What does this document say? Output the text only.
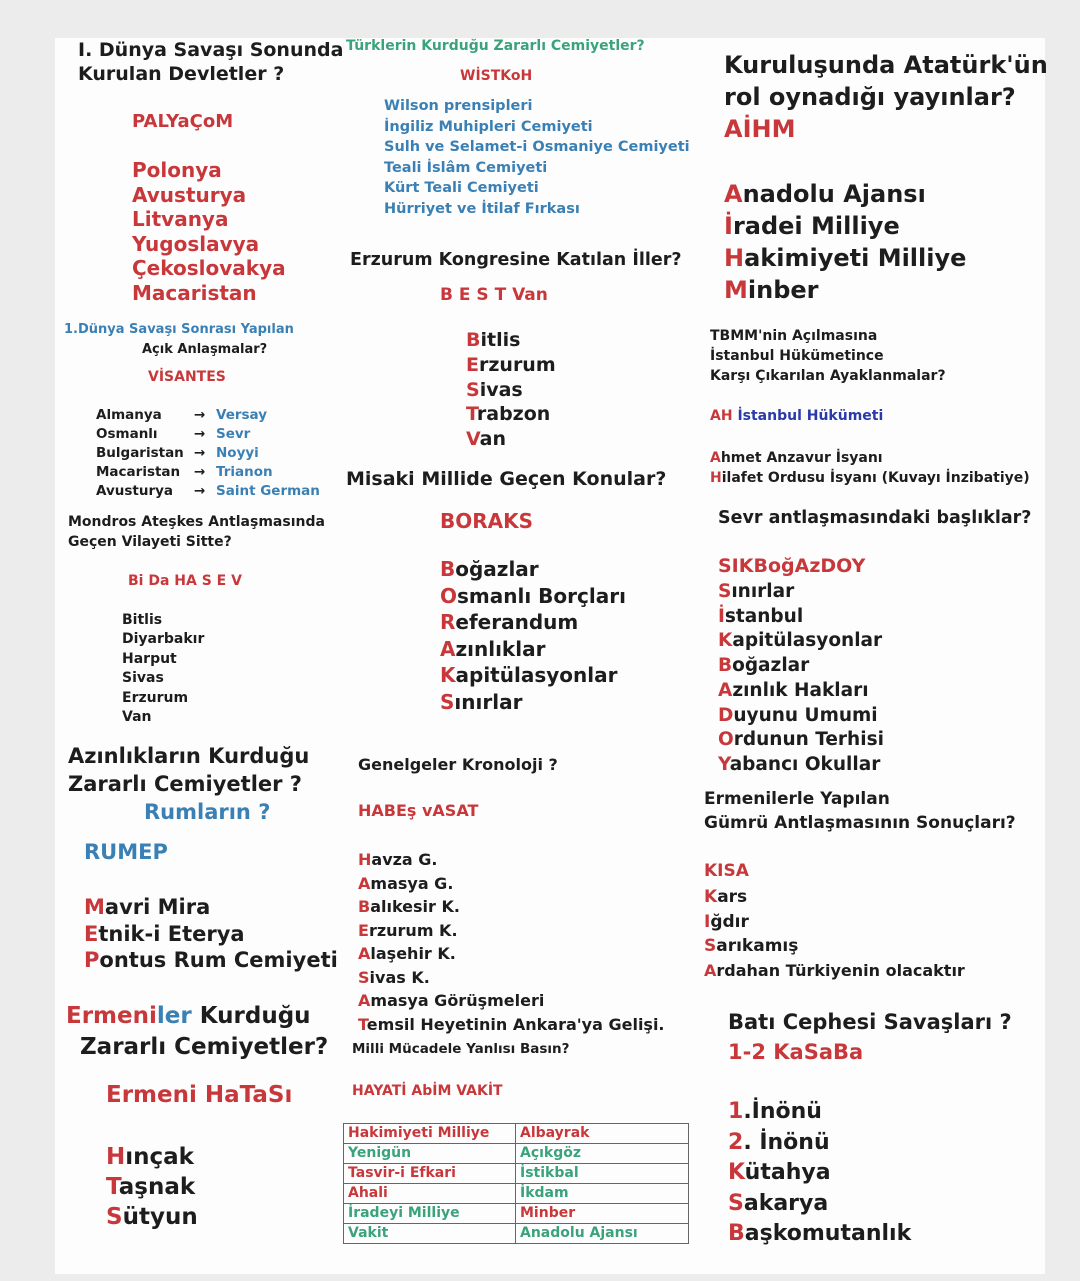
I. Dünya Savaşı Sonunda

Kurulan Devletler ?

PALYaÇoM

Polonya
Avusturya
Litvanya
Yugoslavya
Çekoslovakya
Macaristan

1.Dünya Savaşı Sonrası Yapılan

Açık Anlaşmalar?

VİSANTES

Almanya	→ Versay
Osmanlı	→ Sevr
Bulgaristan → Noyyi
Macaristan	→ Trianon
Avusturya	→ Saint German

Mondros Ateşkes Antlaşmasında

Geçen Vilayeti Sitte?

Bi Da HA S E V

Bitlis
Diyarbakır
Harput
Sivas
Erzurum
Van

Azınlıkların Kurduğu

Zararlı Cemiyetler ?

Rumların ?

RUMEP

Mavri Mira
Etnik-i Eterya
Pontus Rum Cemiyeti

Ermeniler Kurduğu

Zararlı Cemiyetler?

Ermeni HaTaSı

Hınçak
Taşnak
Sütyun

Türklerin Kurduğu Zararlı Cemiyetler?

WİSTKoH

Wilson prensipleri
İngiliz Muhipleri Cemiyeti
Sulh ve Selamet-i Osmaniye Cemiyeti
Teali İslâm Cemiyeti
Kürt Teali Cemiyeti
Hürriyet ve İtilaf Fırkası

Erzurum Kongresine Katılan İller?

B E S T Van

Bitlis
Erzurum
Sivas
Trabzon
Van

Misaki Millide Geçen Konular?

BORAKS

Boğazlar
Osmanlı Borçları
Referandum
Azınlıklar
Kapitülasyonlar
Sınırlar

Genelgeler Kronoloji ?

HABEş vASAT

Havza G.
Amasya G.
Balıkesir K.
Erzurum K.
Alaşehir K.
Sivas K.
Amasya Görüşmeleri
Temsil Heyetinin Ankara'ya Gelişi.

Milli Mücadele Yanlısı Basın?

HAYATİ AbİM VAKİT

Hakimiyeti Milliye	Albayrak
Yenigün	Açıkgöz
Tasvir-i Efkari	İstikbal
Ahali	İkdam
İradeyi Milliye	Minber
Vakit	Anadolu Ajansı

Kuruluşunda Atatürk'ün

rol oynadığı yayınlar?

AİHM

Anadolu Ajansı
İradei Milliye
Hakimiyeti Milliye
Minber
TBMM'nin Açılmasına
İstanbul Hükümetince
Karşı Çıkarılan Ayaklanmalar?

AH İstanbul Hükümeti

Ahmet Anzavur İsyanı
Hilafet Ordusu İsyanı (Kuvayı İnzibatiye)

Sevr antlaşmasındaki başlıklar?

SIKBoğAzDOY

Sınırlar
İstanbul
Kapitülasyonlar
Boğazlar
Azınlık Hakları
Duyunu Umumi
Ordunun Terhisi
Yabancı Okullar

Ermenilerle Yapılan

Gümrü Antlaşmasının Sonuçları?

KISA

Kars
Iğdır
Sarıkamış
Ardahan Türkiyenin olacaktır

Batı Cephesi Savaşları ?

1-2 KaSaBa

1.İnönü
2. İnönü
Kütahya
Sakarya
Başkomutanlık
